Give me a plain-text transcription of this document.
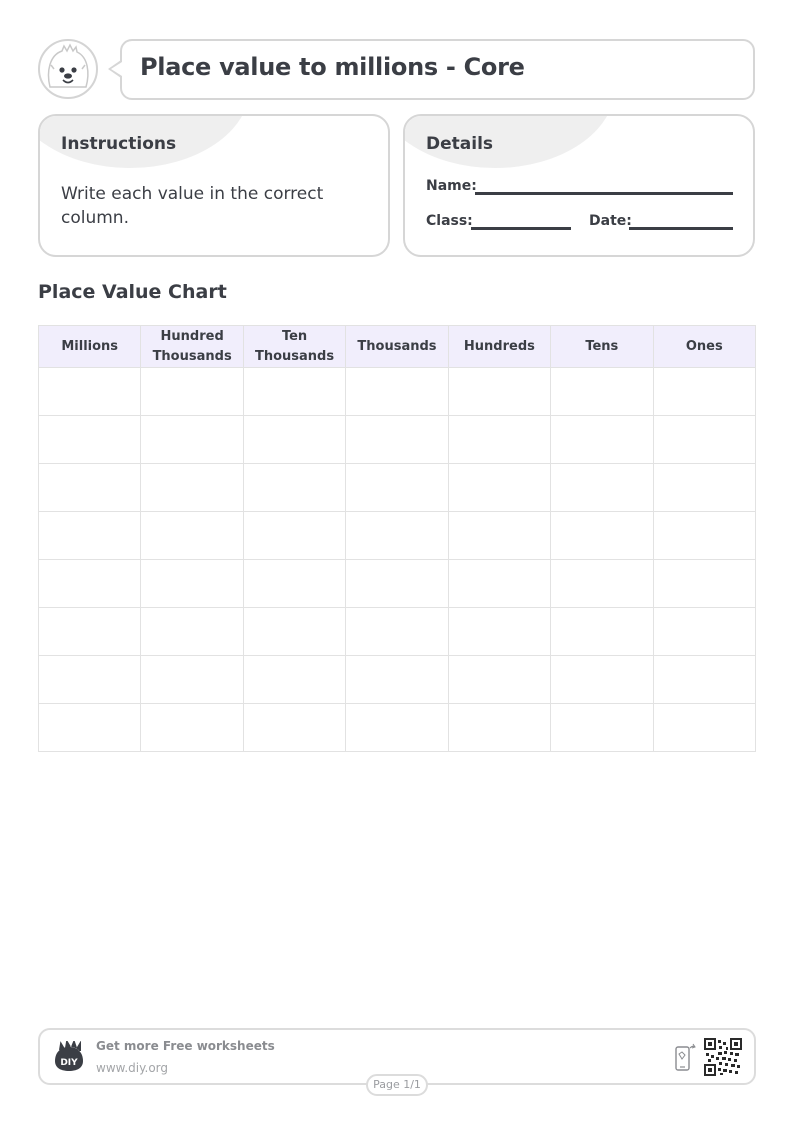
Place value to millions - Core
Instructions
Write each value in the correct column.
Details
Name:
Class:	Date:
Place Value Chart
Millions	Hundred Thousands	Ten Thousands	Thousands	Hundreds	Tens	Ones

DIY
Get more Free worksheets
www.diy.org
Page 1/1
